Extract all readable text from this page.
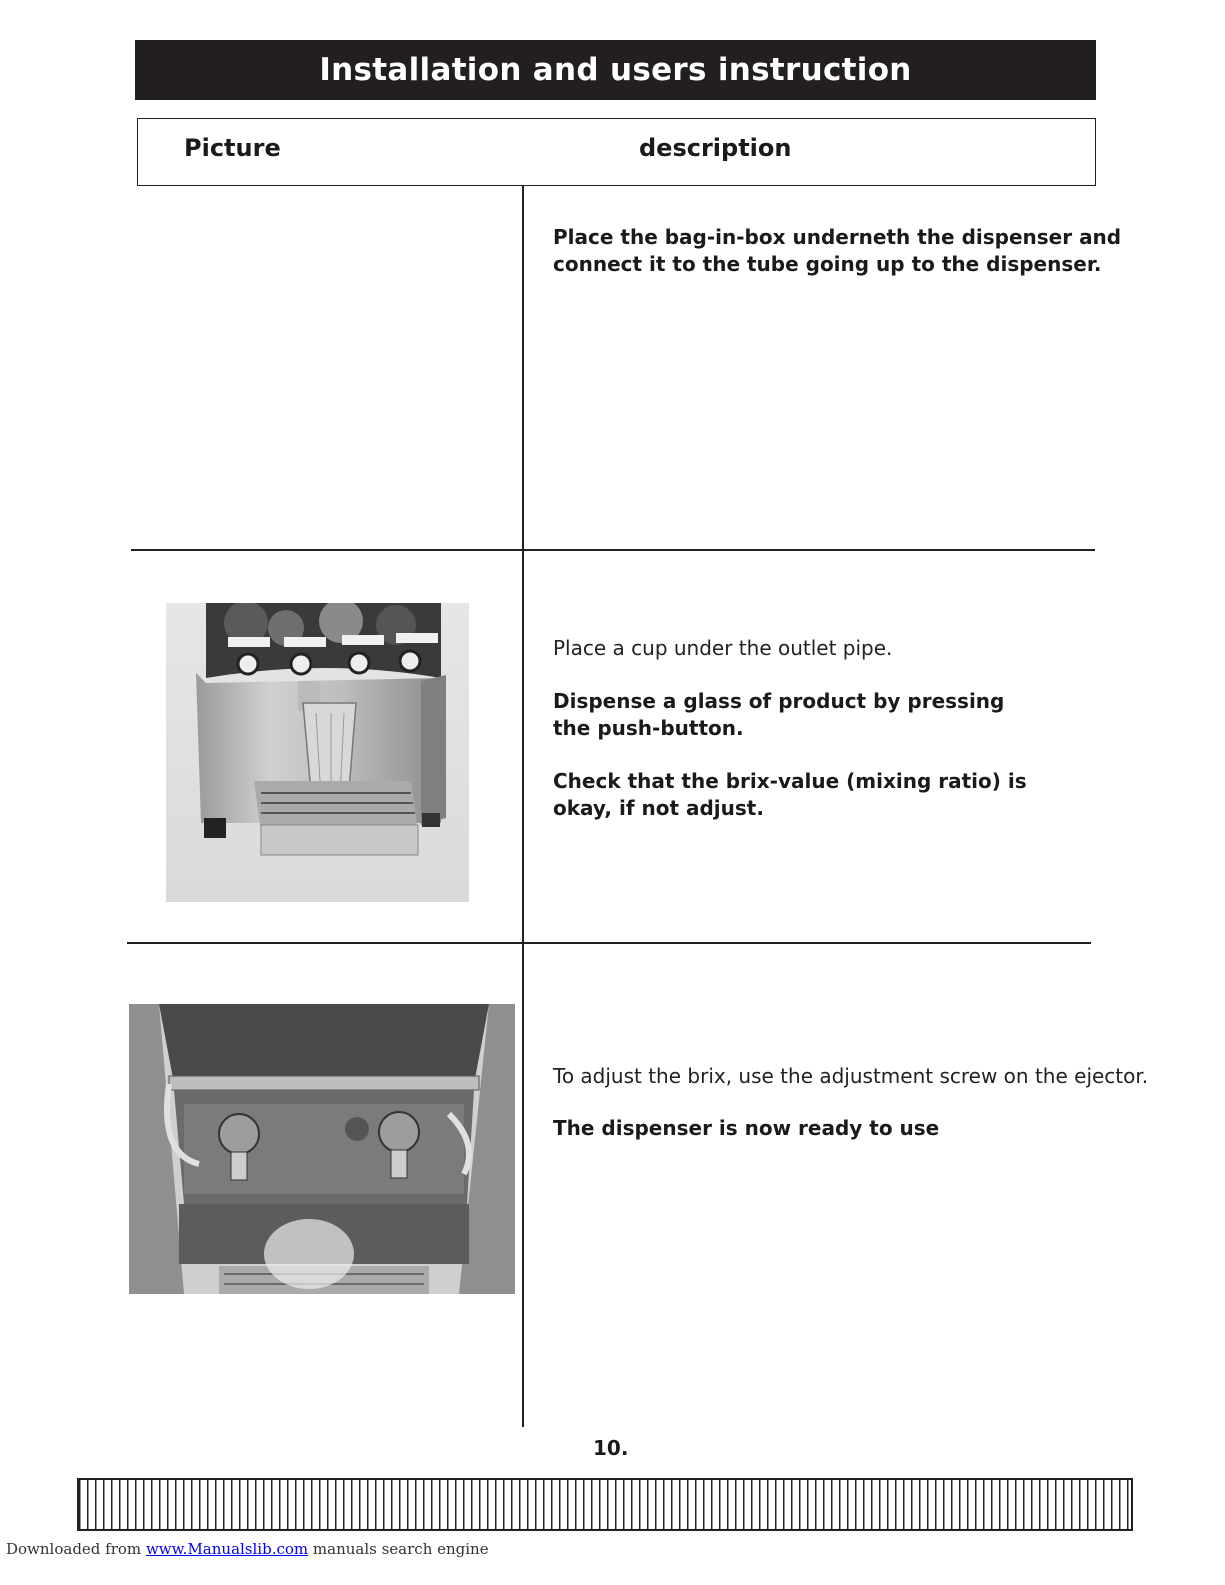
Installation and users instruction
Picture	description
Place the bag-in-box underneth the dispenser and
connect it to the tube going up to the dispenser.
Place a cup under the outlet pipe.
Dispense a glass of product by pressing
the push-button.
Check that the brix-value (mixing ratio) is
okay, if not adjust.
To adjust the brix, use the adjustment screw on the ejector.
The dispenser is now ready to use
10.
Downloaded from www.Manualslib.com manuals search engine
